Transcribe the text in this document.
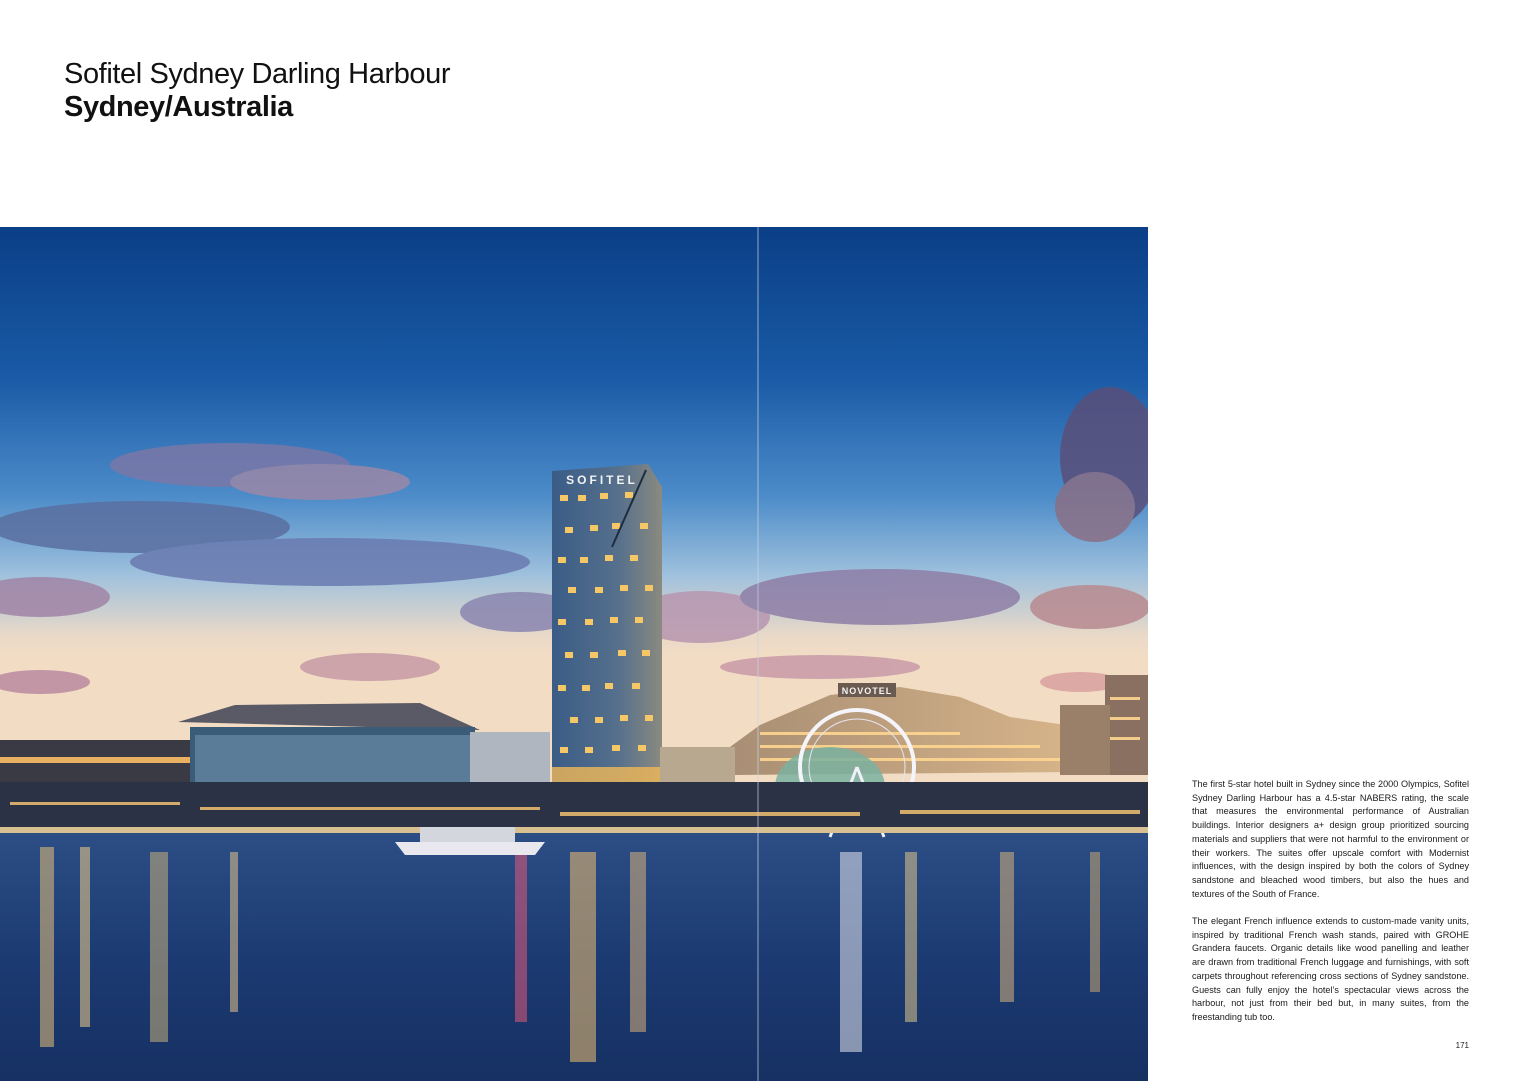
Sofitel Sydney Darling Harbour
Sydney/Australia
SOFITEL
NOVOTEL

The first 5-star hotel built in Sydney since the 2000 Olympics, Sofitel Sydney Darling Harbour has a 4.5-star NABERS rating, the scale that measures the environmental performance of Australian buildings. Interior designers a+ design group prioritized sourcing materials and suppliers that were not harmful to the environment or their workers. The suites offer upscale comfort with Modernist influences, with the design inspired by both the colors of Sydney sandstone and bleached wood timbers, but also the hues and textures of the South of France.

The elegant French influence extends to custom-made vanity units, inspired by traditional French wash stands, paired with GROHE Grandera faucets. Organic details like wood panelling and leather are drawn from traditional French luggage and furnishings, with soft carpets throughout referencing cross sections of Sydney sandstone. Guests can fully enjoy the hotel’s spectacular views across the harbour, not just from their bed but, in many suites, from the freestanding tub too.

171
